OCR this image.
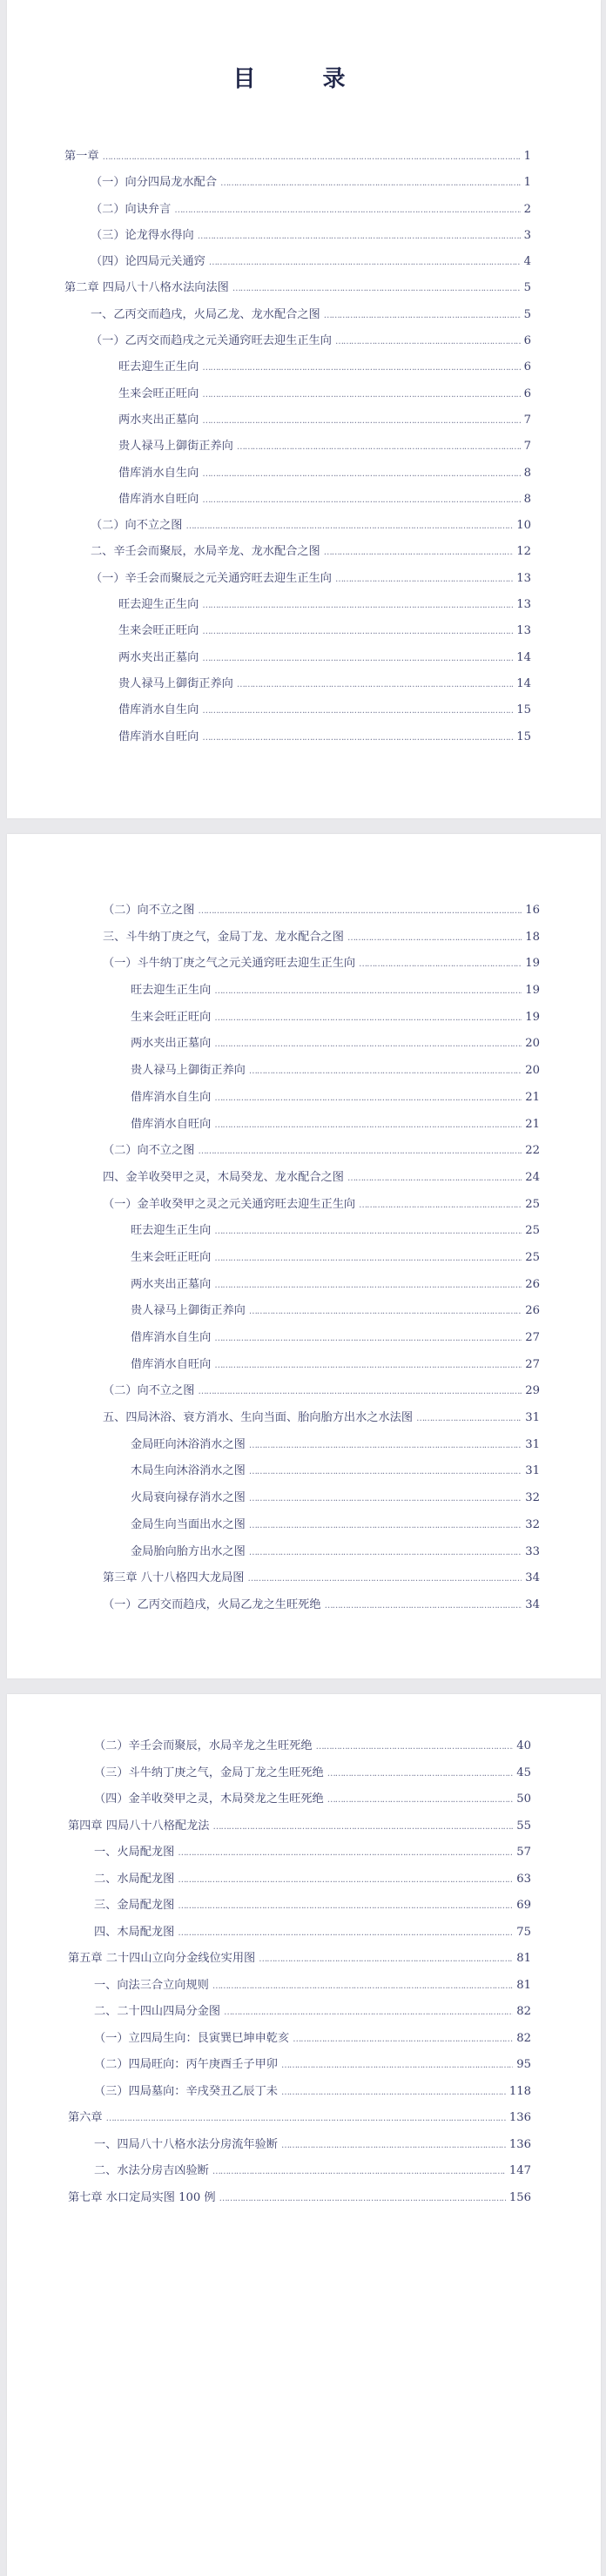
目 录
第一章 …………………………………………………………………………………………………………………………………………………………………………………………………………………………………………………………………………………………	1
（一）向分四局龙水配合 …………………………………………………………………………………………………………………………………………………………………………………………………………………………………………………………………………………………	1
（二）向诀弁言 …………………………………………………………………………………………………………………………………………………………………………………………………………………………………………………………………………………………	2
（三）论龙得水得向 …………………………………………………………………………………………………………………………………………………………………………………………………………………………………………………………………………………………	3
（四）论四局元关通窍 …………………………………………………………………………………………………………………………………………………………………………………………………………………………………………………………………………………………	4
第二章 四局八十八格水法向法图 …………………………………………………………………………………………………………………………………………………………………………………………………………………………………………………………………………………………	5
一、乙丙交而趋戌，火局乙龙、龙水配合之图 …………………………………………………………………………………………………………………………………………………………………………………………………………………………………………………………………………………………	5
（一）乙丙交而趋戌之元关通窍旺去迎生正生向 …………………………………………………………………………………………………………………………………………………………………………………………………………………………………………………………………………………………	6
旺去迎生正生向 …………………………………………………………………………………………………………………………………………………………………………………………………………………………………………………………………………………………	6
生来会旺正旺向 …………………………………………………………………………………………………………………………………………………………………………………………………………………………………………………………………………………………	6
两水夹出正墓向 …………………………………………………………………………………………………………………………………………………………………………………………………………………………………………………………………………………………	7
贵人禄马上御街正养向 …………………………………………………………………………………………………………………………………………………………………………………………………………………………………………………………………………………………	7
借库消水自生向 …………………………………………………………………………………………………………………………………………………………………………………………………………………………………………………………………………………………	8
借库消水自旺向 …………………………………………………………………………………………………………………………………………………………………………………………………………………………………………………………………………………………	8
（二）向不立之图 …………………………………………………………………………………………………………………………………………………………………………………………………………………………………………………………………………………………	10
二、辛壬会而聚辰，水局辛龙、龙水配合之图 …………………………………………………………………………………………………………………………………………………………………………………………………………………………………………………………………………………………	12
（一）辛壬会而聚辰之元关通窍旺去迎生正生向 …………………………………………………………………………………………………………………………………………………………………………………………………………………………………………………………………………………………	13
旺去迎生正生向 …………………………………………………………………………………………………………………………………………………………………………………………………………………………………………………………………………………………	13
生来会旺正旺向 …………………………………………………………………………………………………………………………………………………………………………………………………………………………………………………………………………………………	13
两水夹出正墓向 …………………………………………………………………………………………………………………………………………………………………………………………………………………………………………………………………………………………	14
贵人禄马上御街正养向 …………………………………………………………………………………………………………………………………………………………………………………………………………………………………………………………………………………………	14
借库消水自生向 …………………………………………………………………………………………………………………………………………………………………………………………………………………………………………………………………………………………	15
借库消水自旺向 …………………………………………………………………………………………………………………………………………………………………………………………………………………………………………………………………………………………	15
（二）向不立之图 …………………………………………………………………………………………………………………………………………………………………………………………………………………………………………………………………………………………	16
三、斗牛纳丁庚之气，金局丁龙、龙水配合之图 …………………………………………………………………………………………………………………………………………………………………………………………………………………………………………………………………………………………	18
（一）斗牛纳丁庚之气之元关通窍旺去迎生正生向 …………………………………………………………………………………………………………………………………………………………………………………………………………………………………………………………………………………………	19
旺去迎生正生向 …………………………………………………………………………………………………………………………………………………………………………………………………………………………………………………………………………………………	19
生来会旺正旺向 …………………………………………………………………………………………………………………………………………………………………………………………………………………………………………………………………………………………	19
两水夹出正墓向 …………………………………………………………………………………………………………………………………………………………………………………………………………………………………………………………………………………………	20
贵人禄马上御街正养向 …………………………………………………………………………………………………………………………………………………………………………………………………………………………………………………………………………………………	20
借库消水自生向 …………………………………………………………………………………………………………………………………………………………………………………………………………………………………………………………………………………………	21
借库消水自旺向 …………………………………………………………………………………………………………………………………………………………………………………………………………………………………………………………………………………………	21
（二）向不立之图 …………………………………………………………………………………………………………………………………………………………………………………………………………………………………………………………………………………………	22
四、金羊收癸甲之灵，木局癸龙、龙水配合之图 …………………………………………………………………………………………………………………………………………………………………………………………………………………………………………………………………………………………	24
（一）金羊收癸甲之灵之元关通窍旺去迎生正生向 …………………………………………………………………………………………………………………………………………………………………………………………………………………………………………………………………………………………	25
旺去迎生正生向 …………………………………………………………………………………………………………………………………………………………………………………………………………………………………………………………………………………………	25
生来会旺正旺向 …………………………………………………………………………………………………………………………………………………………………………………………………………………………………………………………………………………………	25
两水夹出正墓向 …………………………………………………………………………………………………………………………………………………………………………………………………………………………………………………………………………………………	26
贵人禄马上御街正养向 …………………………………………………………………………………………………………………………………………………………………………………………………………………………………………………………………………………………	26
借库消水自生向 …………………………………………………………………………………………………………………………………………………………………………………………………………………………………………………………………………………………	27
借库消水自旺向 …………………………………………………………………………………………………………………………………………………………………………………………………………………………………………………………………………………………	27
（二）向不立之图 …………………………………………………………………………………………………………………………………………………………………………………………………………………………………………………………………………………………	29
五、四局沐浴、衰方消水、生向当面、胎向胎方出水之水法图 …………………………………………………………………………………………………………………………………………………………………………………………………………………………………………………………………………………………	31
金局旺向沐浴消水之图 …………………………………………………………………………………………………………………………………………………………………………………………………………………………………………………………………………………………	31
木局生向沐浴消水之图 …………………………………………………………………………………………………………………………………………………………………………………………………………………………………………………………………………………………	31
火局衰向禄存消水之图 …………………………………………………………………………………………………………………………………………………………………………………………………………………………………………………………………………………………	32
金局生向当面出水之图 …………………………………………………………………………………………………………………………………………………………………………………………………………………………………………………………………………………………	32
金局胎向胎方出水之图 …………………………………………………………………………………………………………………………………………………………………………………………………………………………………………………………………………………………	33
第三章 八十八格四大龙局图 …………………………………………………………………………………………………………………………………………………………………………………………………………………………………………………………………………………………	34
（一）乙丙交而趋戌，火局乙龙之生旺死绝 …………………………………………………………………………………………………………………………………………………………………………………………………………………………………………………………………………………………	34
（二）辛壬会而聚辰，水局辛龙之生旺死绝 …………………………………………………………………………………………………………………………………………………………………………………………………………………………………………………………………………………………	40
（三）斗牛纳丁庚之气，金局丁龙之生旺死绝 …………………………………………………………………………………………………………………………………………………………………………………………………………………………………………………………………………………………	45
（四）金羊收癸甲之灵，木局癸龙之生旺死绝 …………………………………………………………………………………………………………………………………………………………………………………………………………………………………………………………………………………………	50
第四章 四局八十八格配龙法 …………………………………………………………………………………………………………………………………………………………………………………………………………………………………………………………………………………………	55
一、火局配龙图 …………………………………………………………………………………………………………………………………………………………………………………………………………………………………………………………………………………………	57
二、水局配龙图 …………………………………………………………………………………………………………………………………………………………………………………………………………………………………………………………………………………………	63
三、金局配龙图 …………………………………………………………………………………………………………………………………………………………………………………………………………………………………………………………………………………………	69
四、木局配龙图 …………………………………………………………………………………………………………………………………………………………………………………………………………………………………………………………………………………………	75
第五章 二十四山立向分金线位实用图 …………………………………………………………………………………………………………………………………………………………………………………………………………………………………………………………………………………………	81
一、向法三合立向规则 …………………………………………………………………………………………………………………………………………………………………………………………………………………………………………………………………………………………	81
二、二十四山四局分金图 …………………………………………………………………………………………………………………………………………………………………………………………………………………………………………………………………………………………	82
（一）立四局生向：艮寅巽巳坤申乾亥 …………………………………………………………………………………………………………………………………………………………………………………………………………………………………………………………………………………………	82
（二）四局旺向：丙午庚酉壬子甲卯 …………………………………………………………………………………………………………………………………………………………………………………………………………………………………………………………………………………………	95
（三）四局墓向：辛戌癸丑乙辰丁未 …………………………………………………………………………………………………………………………………………………………………………………………………………………………………………………………………………………………	118
第六章 …………………………………………………………………………………………………………………………………………………………………………………………………………………………………………………………………………………………	136
一、四局八十八格水法分房流年验断 …………………………………………………………………………………………………………………………………………………………………………………………………………………………………………………………………………………………	136
二、水法分房吉凶验断 …………………………………………………………………………………………………………………………………………………………………………………………………………………………………………………………………………………………	147
第七章 水口定局实图 100 例 …………………………………………………………………………………………………………………………………………………………………………………………………………………………………………………………………………………………	156
